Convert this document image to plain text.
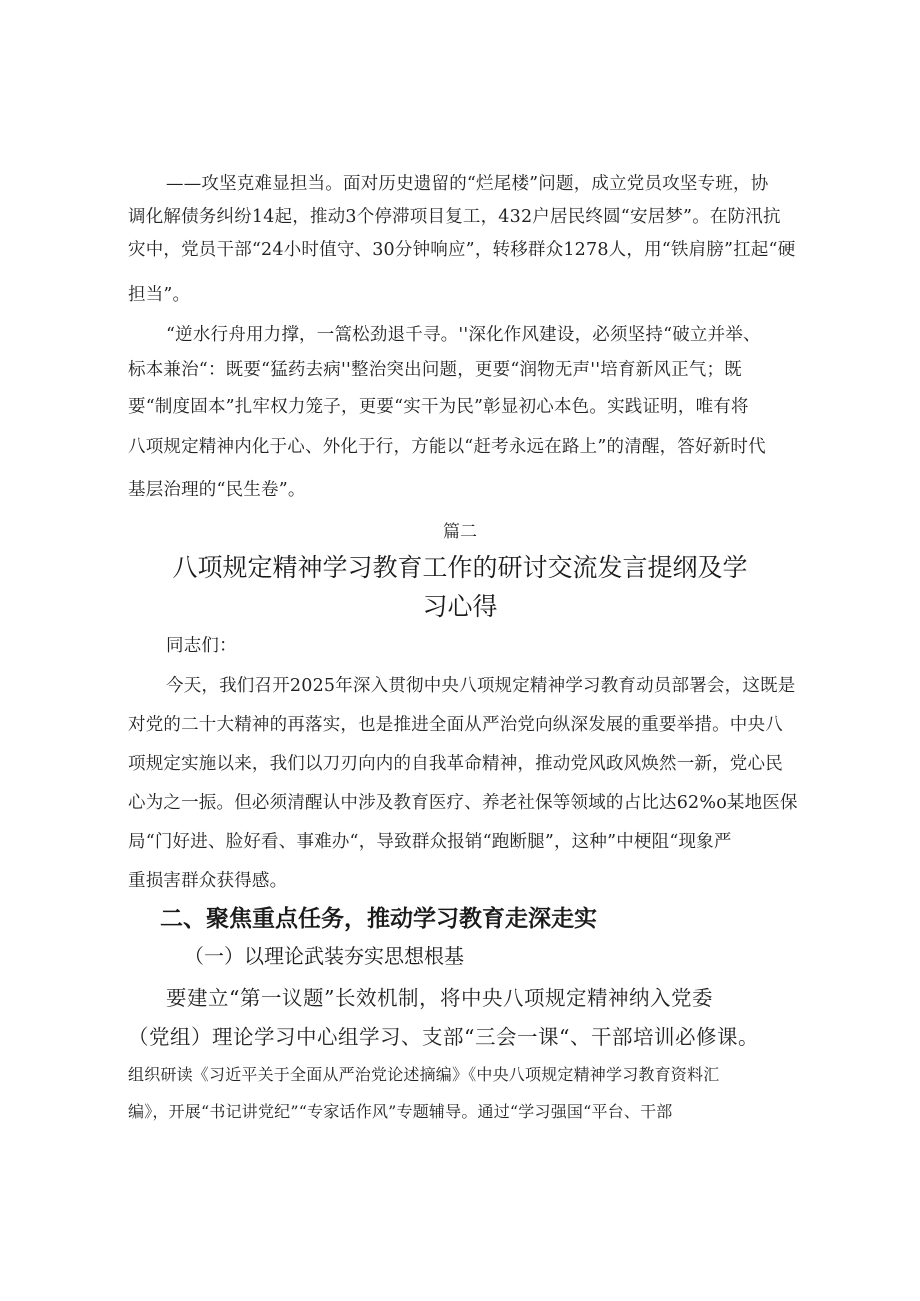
——攻坚克难显担当。面对历史遗留的“烂尾楼”问题，成立党员攻坚专班，协
调化解债务纠纷14起，推动3个停滞项目复工，432户居民终圆“安居梦”。在防汛抗
灾中，党员干部“24小时值守、30分钟响应”，转移群众1278人，用“铁肩膀”扛起“硬
担当”。
“逆水行舟用力撑，一篙松劲退千寻。''深化作风建设，必须坚持“破立并举、
标本兼治“：既要“猛药去病''整治突出问题，更要“润物无声''培育新风正气；既
要“制度固本”扎牢权力笼子，更要“实干为民”彰显初心本色。实践证明，唯有将
八项规定精神内化于心、外化于行，方能以“赶考永远在路上”的清醒，答好新时代
基层治理的“民生卷”。
篇二
八项规定精神学习教育工作的研讨交流发言提纲及学
习心得
同志们：
今天，我们召开2025年深入贯彻中央八项规定精神学习教育动员部署会，这既是
对党的二十大精神的再落实，也是推进全面从严治党向纵深发展的重要举措。中央八
项规定实施以来，我们以刀刃向内的自我革命精神，推动党风政风焕然一新，党心民
心为之一振。但必须清醒认中涉及教育医疗、养老社保等领域的占比达62%o某地医保
局“门好进、脸好看、事难办“，导致群众报销“跑断腿”，这种”中梗阻“现象严
重损害群众获得感。
二、聚焦重点任务，推动学习教育走深走实
（一）以理论武装夯实思想根基
要建立“第一议题”长效机制，将中央八项规定精神纳入党委
（党组）理论学习中心组学习、支部“三会一课“、干部培训必修课。
组织研读《习近平关于全面从严治党论述摘编》《中央八项规定精神学习教育资料汇
编》，开展“书记讲党纪”“专家话作风”专题辅导。通过“学习强国“平台、干部
